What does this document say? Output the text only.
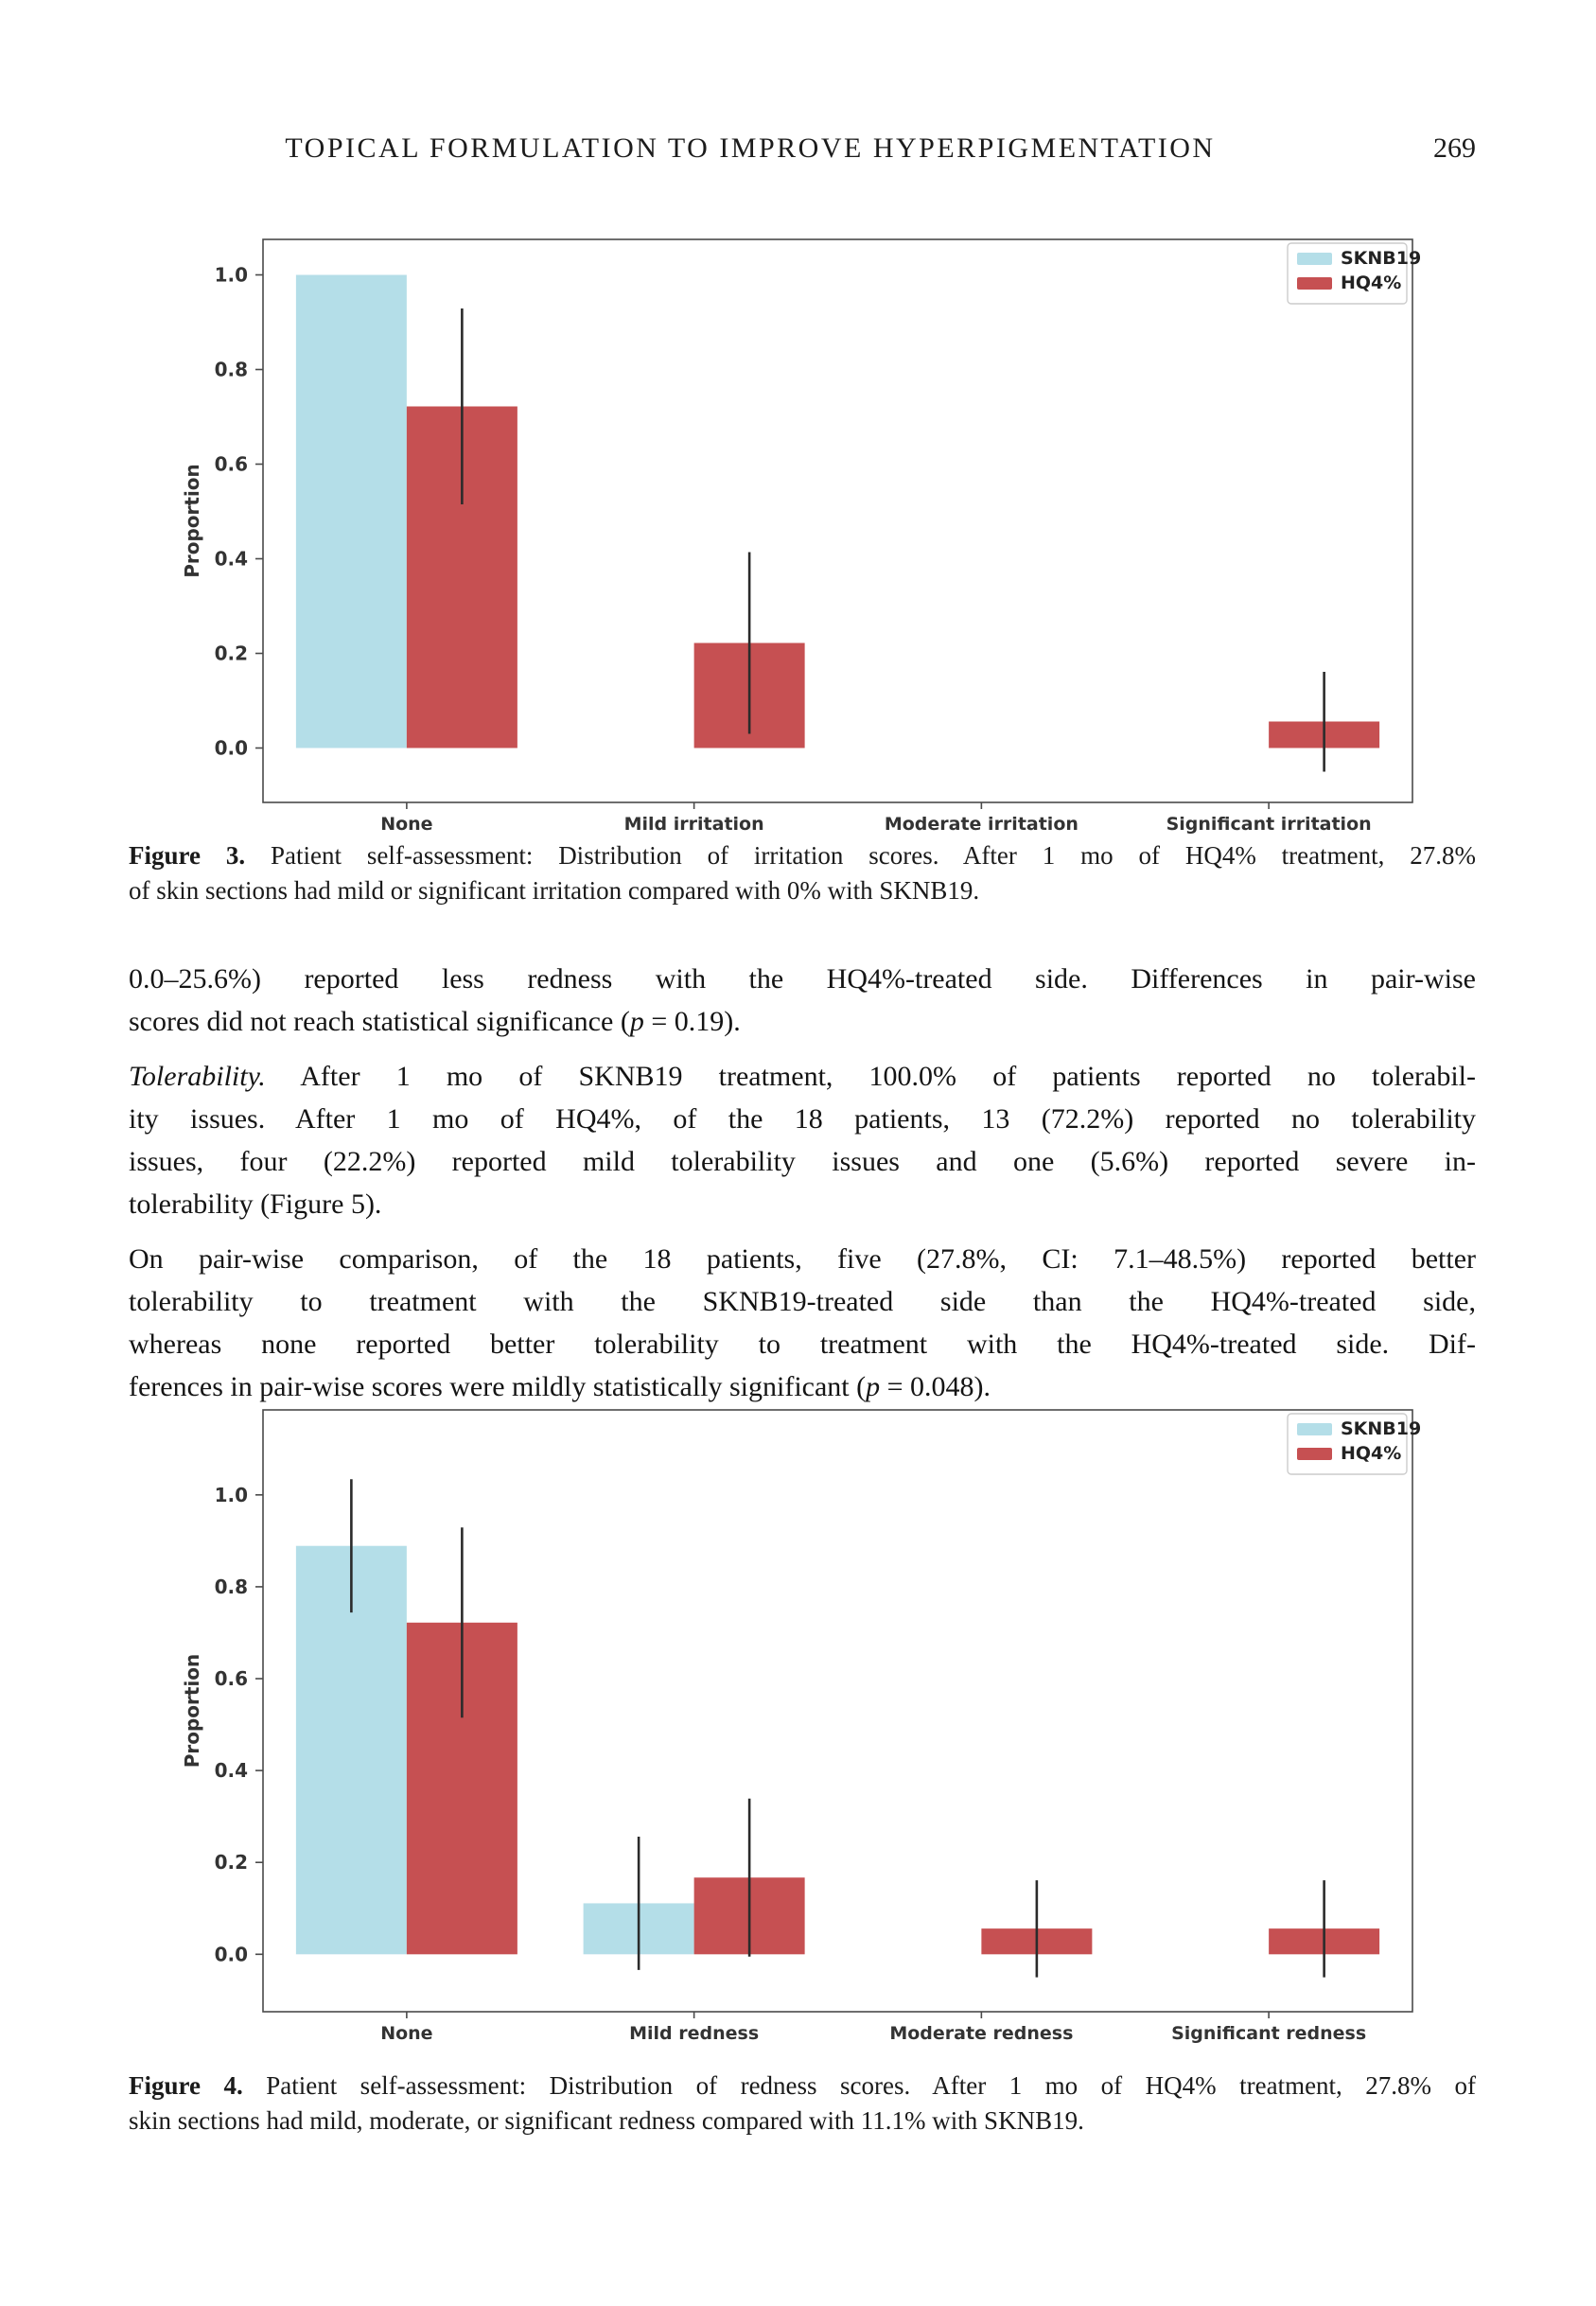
TOPICAL FORMULATION TO IMPROVE HYPERPIGMENTATION	269
0.0
0.2
0.4
0.6
0.8
1.0
Proportion
None	Mild irritation	Moderate irritation	Significant irritation
SKNB19
HQ4%
Figure 3. Patient self-assessment: Distribution of irritation scores. After 1 mo of HQ4% treatment, 27.8%
of skin sections had mild or significant irritation compared with 0% with SKNB19.

0.0–25.6%) reported less redness with the HQ4%-treated side. Differences in pair-wise
scores did not reach statistical significance (p = 0.19).

Tolerability. After 1 mo of SKNB19 treatment, 100.0% of patients reported no tolerabil-
ity issues. After 1 mo of HQ4%, of the 18 patients, 13 (72.2%) reported no tolerability
issues, four (22.2%) reported mild tolerability issues and one (5.6%) reported severe in-
tolerability (Figure 5).

On pair-wise comparison, of the 18 patients, five (27.8%, CI: 7.1–48.5%) reported better
tolerability to treatment with the SKNB19-treated side than the HQ4%-treated side,
whereas none reported better tolerability to treatment with the HQ4%-treated side. Dif-
ferences in pair-wise scores were mildly statistically significant (p = 0.048).

0.0
0.2
0.4
0.6
0.8
1.0
Proportion
None	Mild redness	Moderate redness	Significant redness
SKNB19
HQ4%
Figure 4. Patient self-assessment: Distribution of redness scores. After 1 mo of HQ4% treatment, 27.8% of
skin sections had mild, moderate, or significant redness compared with 11.1% with SKNB19.
